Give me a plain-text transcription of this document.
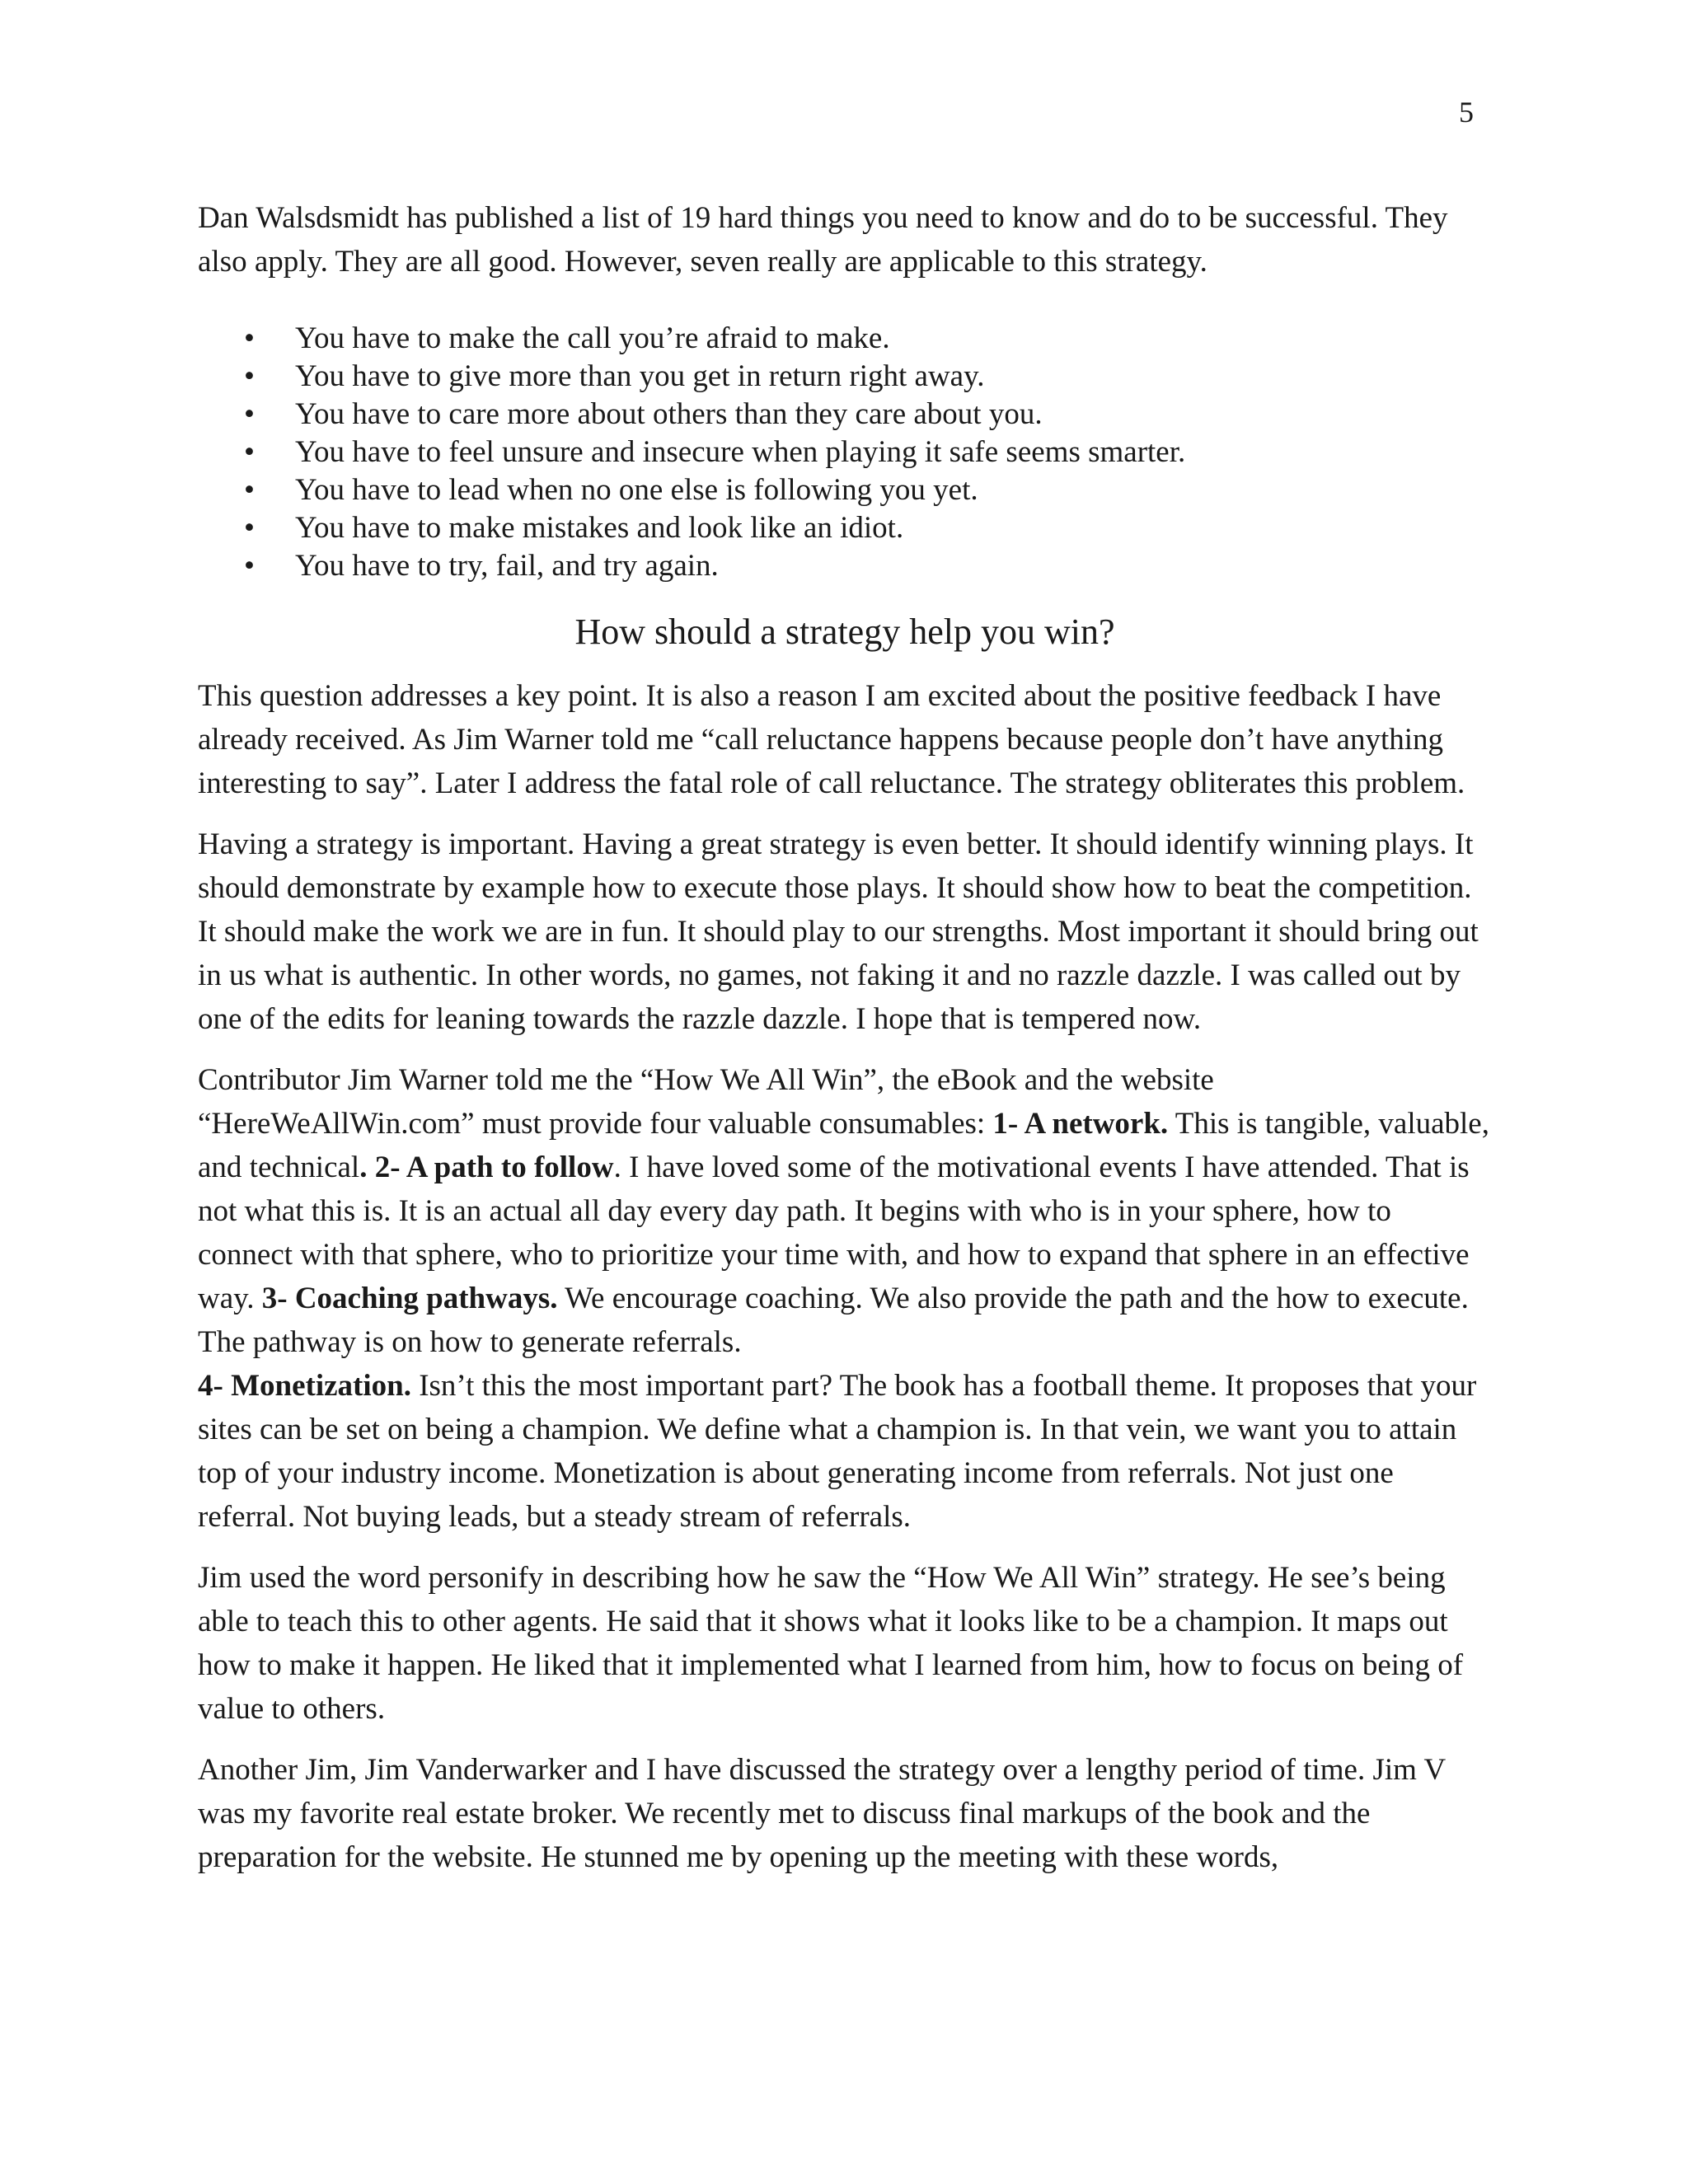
5

Dan Walsdsmidt has published a list of 19 hard things you need to know and do to be successful. They also apply. They are all good. However, seven really are applicable to this strategy.

• You have to make the call you’re afraid to make.
• You have to give more than you get in return right away.
• You have to care more about others than they care about you.
• You have to feel unsure and insecure when playing it safe seems smarter.
• You have to lead when no one else is following you yet.
• You have to make mistakes and look like an idiot.
• You have to try, fail, and try again.
How should a strategy help you win?

This question addresses a key point. It is also a reason I am excited about the positive feedback I have already received. As Jim Warner told me “call reluctance happens because people don’t have anything interesting to say”. Later I address the fatal role of call reluctance. The strategy obliterates this problem.

Having a strategy is important. Having a great strategy is even better. It should identify winning plays. It should demonstrate by example how to execute those plays. It should show how to beat the competition. It should make the work we are in fun. It should play to our strengths. Most important it should bring out in us what is authentic. In other words, no games, not faking it and no razzle dazzle. I was called out by one of the edits for leaning towards the razzle dazzle. I hope that is tempered now.

Contributor Jim Warner told me the “How We All Win”, the eBook and the website “HereWeAllWin.com” must provide four valuable consumables: 1- A network. This is tangible, valuable, and technical. 2- A path to follow. I have loved some of the motivational events I have attended. That is not what this is. It is an actual all day every day path. It begins with who is in your sphere, how to connect with that sphere, who to prioritize your time with, and how to expand that sphere in an effective way. 3- Coaching pathways. We encourage coaching. We also provide the path and the how to execute. The pathway is on how to generate referrals.
4- Monetization. Isn’t this the most important part? The book has a football theme. It proposes that your sites can be set on being a champion. We define what a champion is. In that vein, we want you to attain top of your industry income. Monetization is about generating income from referrals. Not just one referral. Not buying leads, but a steady stream of referrals.

Jim used the word personify in describing how he saw the “How We All Win” strategy. He see’s being able to teach this to other agents. He said that it shows what it looks like to be a champion. It maps out how to make it happen. He liked that it implemented what I learned from him, how to focus on being of value to others.

Another Jim, Jim Vanderwarker and I have discussed the strategy over a lengthy period of time. Jim V was my favorite real estate broker. We recently met to discuss final markups of the book and the preparation for the website. He stunned me by opening up the meeting with these words,
